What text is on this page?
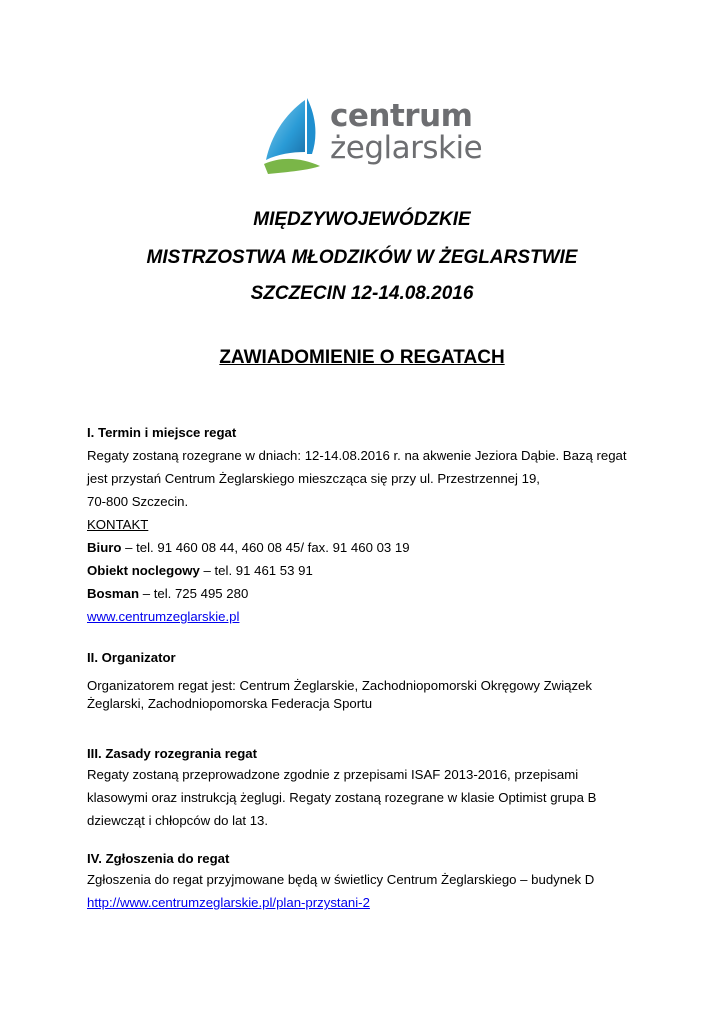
centrum
żeglarskie
MIĘDZYWOJEWÓDZKIE
MISTRZOSTWA MŁODZIKÓW W ŻEGLARSTWIE
SZCZECIN 12-14.08.2016
ZAWIADOMIENIE O REGATACH
I. Termin i miejsce regat
Regaty zostaną rozegrane w dniach: 12-14.08.2016 r. na akwenie Jeziora Dąbie. Bazą regat
jest przystań Centrum Żeglarskiego mieszcząca się przy ul. Przestrzennej 19,
70-800 Szczecin.
KONTAKT
Biuro – tel. 91 460 08 44, 460 08 45/ fax. 91 460 03 19
Obiekt noclegowy – tel. 91 461 53 91
Bosman – tel. 725 495 280
www.centrumzeglarskie.pl
II. Organizator
Organizatorem regat jest: Centrum Żeglarskie, Zachodniopomorski Okręgowy Związek
Żeglarski, Zachodniopomorska Federacja Sportu
III. Zasady rozegrania regat
Regaty zostaną przeprowadzone zgodnie z przepisami ISAF 2013-2016, przepisami
klasowymi oraz instrukcją żeglugi. Regaty zostaną rozegrane w klasie Optimist grupa B
dziewcząt i chłopców do lat 13.
IV. Zgłoszenia do regat
Zgłoszenia do regat przyjmowane będą w świetlicy Centrum Żeglarskiego – budynek D
http://www.centrumzeglarskie.pl/plan-przystani-2
